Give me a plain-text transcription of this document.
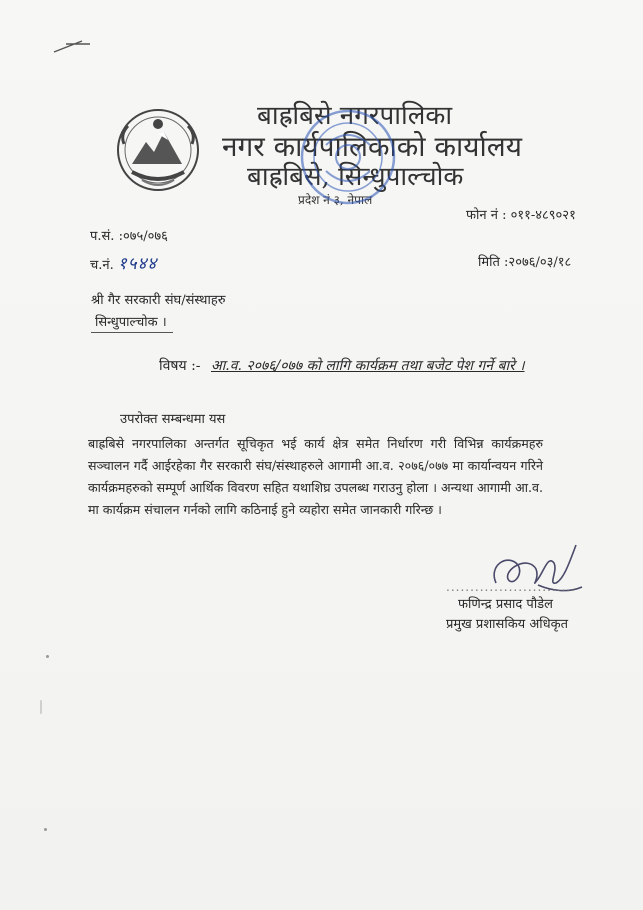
बाह्रबिसे नगरपालिका
नगर कार्यपालिकाको कार्यालय
बाह्रबिसे, सिन्धुपाल्चोक
प्रदेश नं ३, नेपाल
फोन नं : ०११-४८९०२१
प.सं. :०७५/०७६
च.नं. १५४४	मिति :२०७६/०३/१८
श्री गैर सरकारी संघ/संस्थाहरु
सिन्धुपाल्चोक ।
विषय :- आ.व. २०७६/०७७ को लागि कार्यक्रम तथा बजेट पेश गर्ने बारे ।
उपरोक्त सम्बन्धमा यस
बाह्रबिसे नगरपालिका अन्तर्गत सूचिकृत भई कार्य क्षेत्र समेत निर्धारण गरी विभिन्न कार्यक्रमहरु सञ्चालन गर्दै आईरहेका गैर सरकारी संघ/संस्थाहरुले आगामी आ.व. २०७६/०७७ मा कार्यान्वयन गरिने कार्यक्रमहरुको सम्पूर्ण आर्थिक विवरण सहित यथाशिघ्र उपलब्ध गराउनु होला । अन्यथा आगामी आ.व. मा कार्यक्रम संचालन गर्नको लागि कठिनाई हुने व्यहोरा समेत जानकारी गरिन्छ ।
...........................
फणिन्द्र प्रसाद पौडेल
प्रमुख प्रशासकिय अधिकृत
